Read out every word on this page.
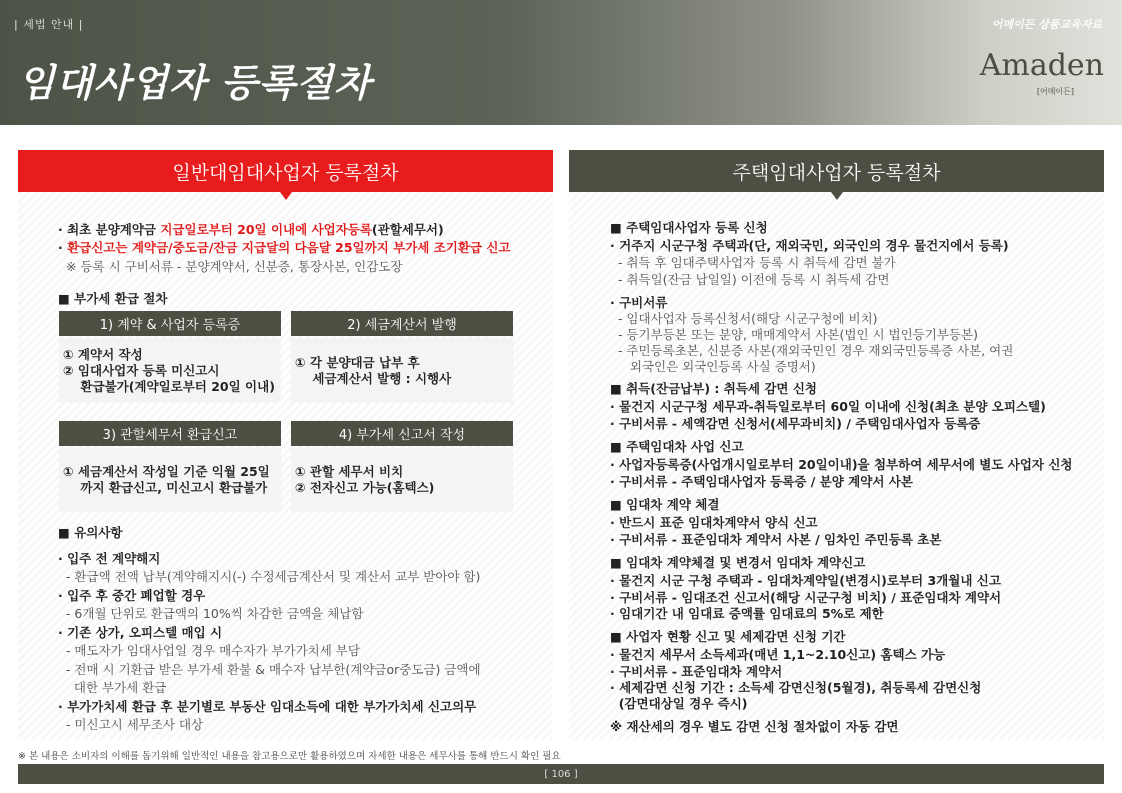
| 세법 안내 |
임대사업자 등록절차
어메이든 상품교육자료
Amaden
[어메이든]
일반대임대사업자 등록절차
· 최초 분양계약금 지급일로부터 20일 이내에 사업자등록(관할세무서)
· 환급신고는 계약금/중도금/잔금 지급달의 다음달 25일까지 부가세 조기환급 신고
※ 등록 시 구비서류 - 분양계약서, 신분증, 통장사본, 인감도장
■ 부가세 환급 절차
1) 계약 & 사업자 등록증
① 계약서 작성
② 임대사업자 등록 미신고시
환급불가(계약일로부터 20일 이내)
2) 세금계산서 발행
① 각 분양대금 납부 후
세금계산서 발행 : 시행사
3) 관할세무서 환급신고
① 세금계산서 작성일 기준 익월 25일
까지 환급신고, 미신고시 환급불가
4) 부가세 신고서 작성
① 관할 세무서 비치
② 전자신고 가능(홈텍스)
■ 유의사항
· 입주 전 계약해지
- 환급액 전액 납부(계약해지시(-) 수정세금계산서 및 계산서 교부 받아야 함)
· 입주 후 중간 폐업할 경우
- 6개월 단위로 환급액의 10%씩 차감한 금액을 체납함
· 기존 상가, 오피스텔 매입 시
- 매도자가 임대사업일 경우 매수자가 부가가치세 부담
- 전매 시 기환급 받은 부가세 환불 & 매수자 납부한(계약금or중도금) 금액에
대한 부가세 환급
· 부가가치세 환급 후 분기별로 부동산 임대소득에 대한 부가가치세 신고의무
- 미신고시 세무조사 대상
주택임대사업자 등록절차
■ 주택임대사업자 등록 신청
· 거주지 시군구청 주택과(단, 재외국민, 외국인의 경우 물건지에서 등록)
- 취득 후 임대주택사업자 등록 시 취득세 감면 불가
- 취득일(잔금 납일일) 이전에 등록 시 취득세 감면
· 구비서류
- 임대사업자 등록신청서(해당 시군구청에 비치)
- 등기부등본 또는 분양, 매매계약서 사본(법인 시 법인등기부등본)
- 주민등록초본, 신분증 사본(재외국민인 경우 재외국민등록증 사본, 여권
외국인은 외국인등록 사실 증명서)
■ 취득(잔금납부) : 취득세 감면 신청
· 물건지 시군구청 세무과-취득일로부터 60일 이내에 신청(최초 분양 오피스텔)
· 구비서류 - 세액감면 신청서(세무과비치) / 주택임대사업자 등록증
■ 주택임대차 사업 신고
· 사업자등록증(사업개시일로부터 20일이내)을 첨부하여 세무서에 별도 사업자 신청
· 구비서류 - 주택임대사업자 등록증 / 분양 계약서 사본
■ 임대차 계약 체결
· 반드시 표준 임대차계약서 양식 신고
· 구비서류 - 표준임대차 계약서 사본 / 임차인 주민등록 초본
■ 임대차 계약체결 및 변경서 임대차 계약신고
· 물건지 시군 구청 주택과 - 임대차계약일(변경시)로부터 3개월내 신고
· 구비서류 - 임대조건 신고서(해당 시군구청 비치) / 표준임대차 계약서
· 임대기간 내 임대료 증액률 임대료의 5%로 제한
■ 사업자 현황 신고 및 세제감면 신청 기간
· 물건지 세무서 소득세과(매년 1,1~2.10신고) 홈텍스 가능
· 구비서류 - 표준임대차 계약서
· 세제감면 신청 기간 : 소득세 감면신청(5월경), 취등록세 감면신청
(감면대상일 경우 즉시)
※ 재산세의 경우 별도 감면 신청 절차없이 자동 감면
※ 본 내용은 소비자의 이해를 돕기위해 일반적인 내용을 참고용으로만 활용하였으며 자세한 내용은 세무사를 통해 반드시 확인 필요
[ 106 ]
